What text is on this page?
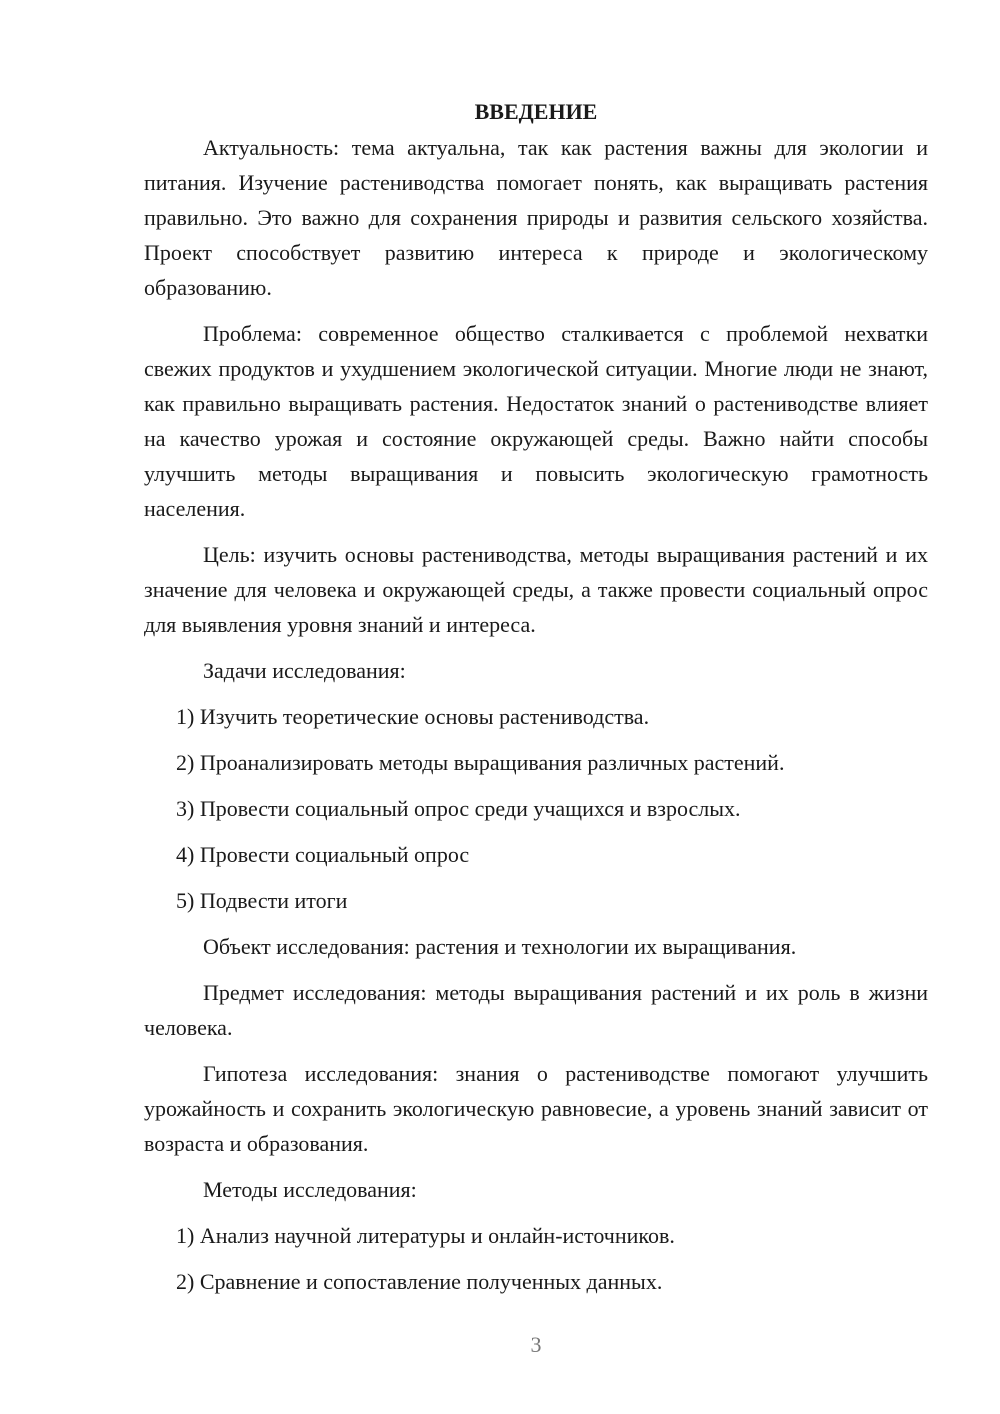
ВВЕДЕНИЕ

Актуальность: тема актуальна, так как растения важны для экологии и питания. Изучение растениводства помогает понять, как выращивать растения правильно. Это важно для сохранения природы и развития сельского хозяйства. Проект способствует развитию интереса к природе и экологическому образованию.

Проблема: современное общество сталкивается с проблемой нехватки свежих продуктов и ухудшением экологической ситуации. Многие люди не знают, как правильно выращивать растения. Недостаток знаний о растениводстве влияет на качество урожая и состояние окружающей среды. Важно найти способы улучшить методы выращивания и повысить экологическую грамотность населения.

Цель: изучить основы растениводства, методы выращивания растений и их значение для человека и окружающей среды, а также провести социальный опрос для выявления уровня знаний и интереса.

Задачи исследования:

1) Изучить теоретические основы растениводства.
2) Проанализировать методы выращивания различных растений.
3) Провести социальный опрос среди учащихся и взрослых.
4) Провести социальный опрос
5) Подвести итоги

Объект исследования: растения и технологии их выращивания.

Предмет исследования: методы выращивания растений и их роль в жизни человека.

Гипотеза исследования: знания о растениводстве помогают улучшить урожайность и сохранить экологическую равновесие, а уровень знаний зависит от возраста и образования.

Методы исследования:

1) Анализ научной литературы и онлайн-источников.
2) Сравнение и сопоставление полученных данных.
3
